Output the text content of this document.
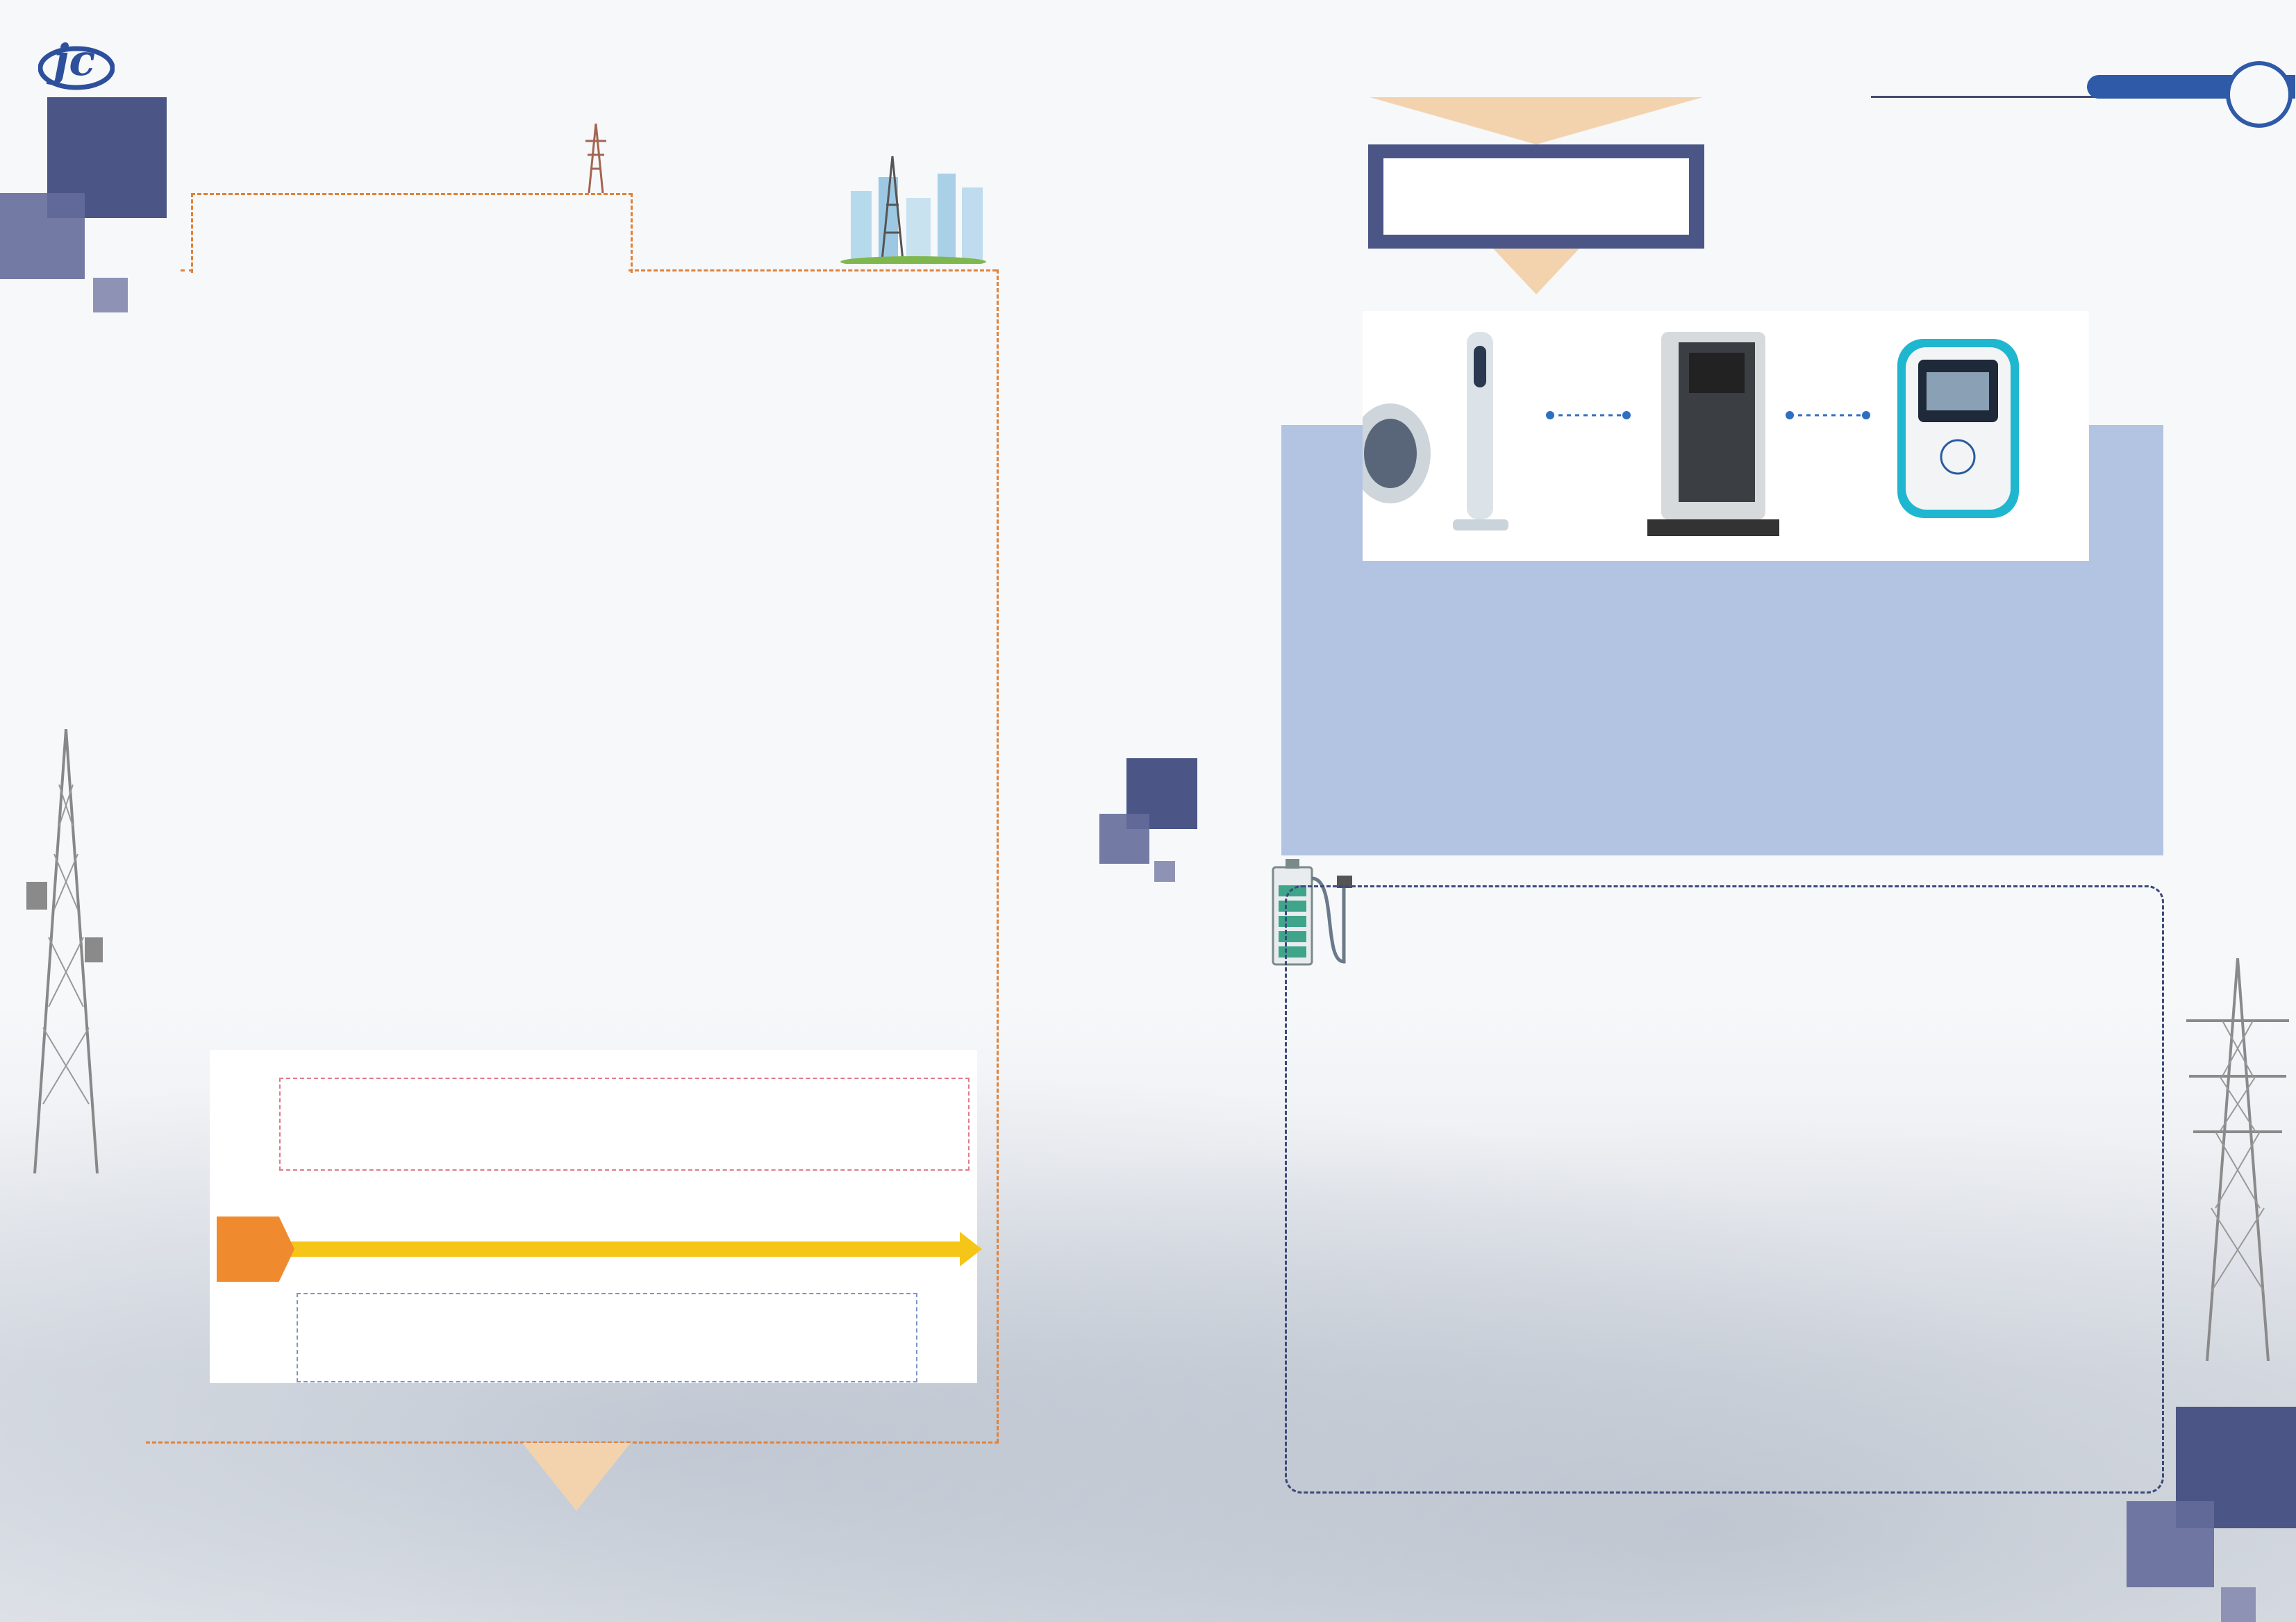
jc
